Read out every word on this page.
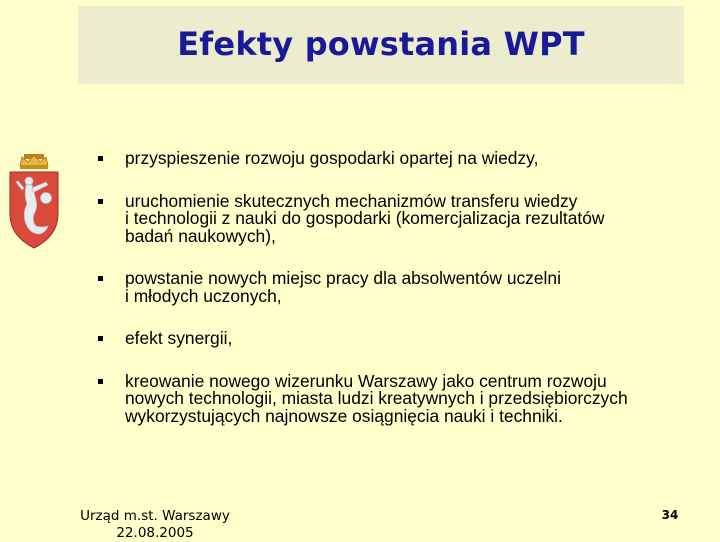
Efekty powstania WPT
przyspieszenie rozwoju gospodarki opartej na wiedzy,
uruchomienie skutecznych mechanizmów transferu wiedzy
i technologii z nauki do gospodarki (komercjalizacja rezultatów
badań naukowych),
powstanie nowych miejsc pracy dla absolwentów uczelni
i młodych uczonych,
efekt synergii,
kreowanie nowego wizerunku Warszawy jako centrum rozwoju
nowych technologii, miasta ludzi kreatywnych i przedsiębiorczych
wykorzystujących najnowsze osiągnięcia nauki i techniki.
Urząd m.st. Warszawy
22.08.2005
34
